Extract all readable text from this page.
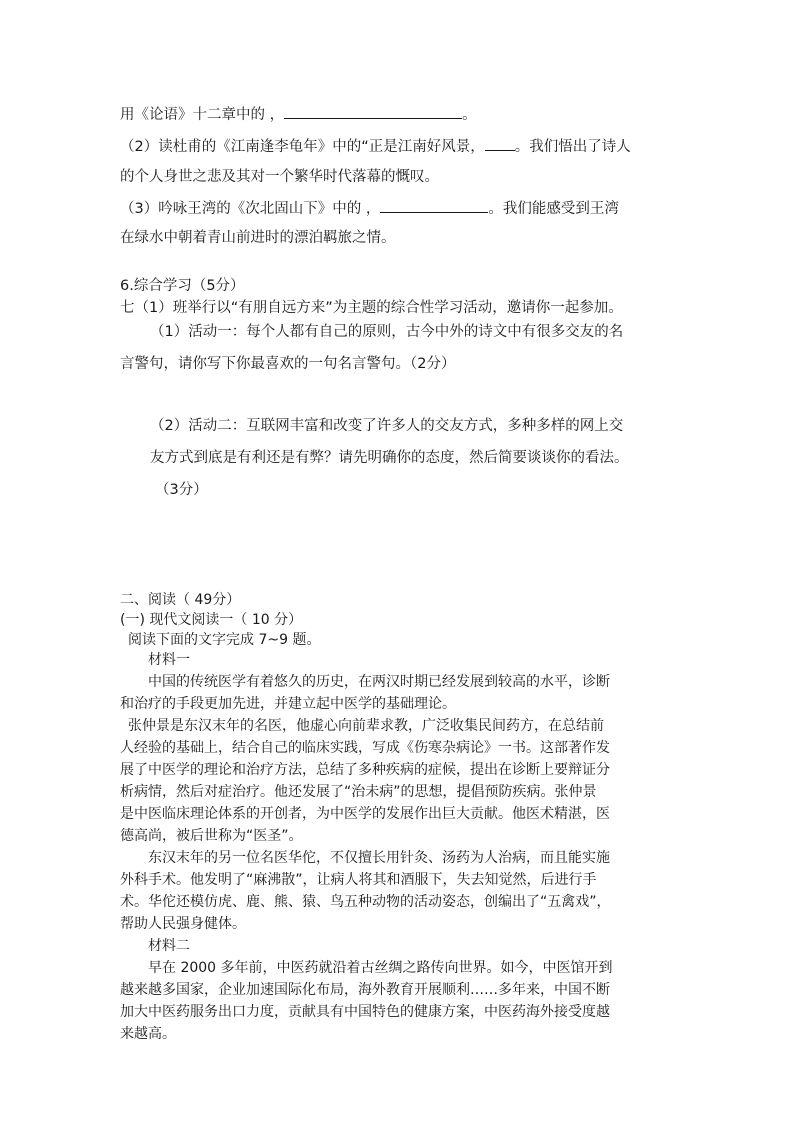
用《论语》十二章中的 ，	。
（2）读杜甫的《江南逢李龟年》中的“正是江南好风景， 。我们悟出了诗人
的个人身世之悲及其对一个繁华时代落幕的慨叹。
（3）吟咏王湾的《次北固山下》中的 ，	。我们能感受到王湾
在绿水中朝着青山前进时的漂泊羁旅之情。
6.综合学习（5分）
七（1）班举行以“有朋自远方来”为主题的综合性学习活动，邀请你一起参加。
（1）活动一：每个人都有自己的原则，古今中外的诗文中有很多交友的名
言警句，请你写下你最喜欢的一句名言警句。（2分）
（2）活动二：互联网丰富和改变了许多人的交友方式，多种多样的网上交
友方式到底是有利还是有弊？请先明确你的态度，然后简要谈谈你的看法。
（3分）
二、阅读（ 49分）
(一) 现代文阅读一（ 10 分）
阅读下面的文字完成 7~9 题。
材料一
中国的传统医学有着悠久的历史，在两汉时期已经发展到较高的水平，诊断
和治疗的手段更加先进，并建立起中医学的基础理论。
张仲景是东汉末年的名医，他虚心向前辈求教，广泛收集民间药方，在总结前
人经验的基础上，结合自己的临床实践，写成《伤寒杂病论》一书。这部著作发
展了中医学的理论和治疗方法，总结了多种疾病的症候，提出在诊断上要辩证分
析病情，然后对症治疗。他还发展了“治未病”的思想，提倡预防疾病。张仲景
是中医临床理论体系的开创者，为中医学的发展作出巨大贡献。他医术精湛，医
德高尚，被后世称为“医圣”。
东汉末年的另一位名医华佗，不仅擅长用针灸、汤药为人治病，而且能实施
外科手术。他发明了“麻沸散”，让病人将其和酒服下，失去知觉然，后进行手
术。华佗还模仿虎、鹿、熊、猿、鸟五种动物的活动姿态，创编出了“五禽戏”，
帮助人民强身健体。
材料二
早在 2000 多年前，中医药就沿着古丝绸之路传向世界。如今，中医馆开到
越来越多国家，企业加速国际化布局，海外教育开展顺利……多年来，中国不断
加大中医药服务出口力度，贡献具有中国特色的健康方案，中医药海外接受度越
来越高。
